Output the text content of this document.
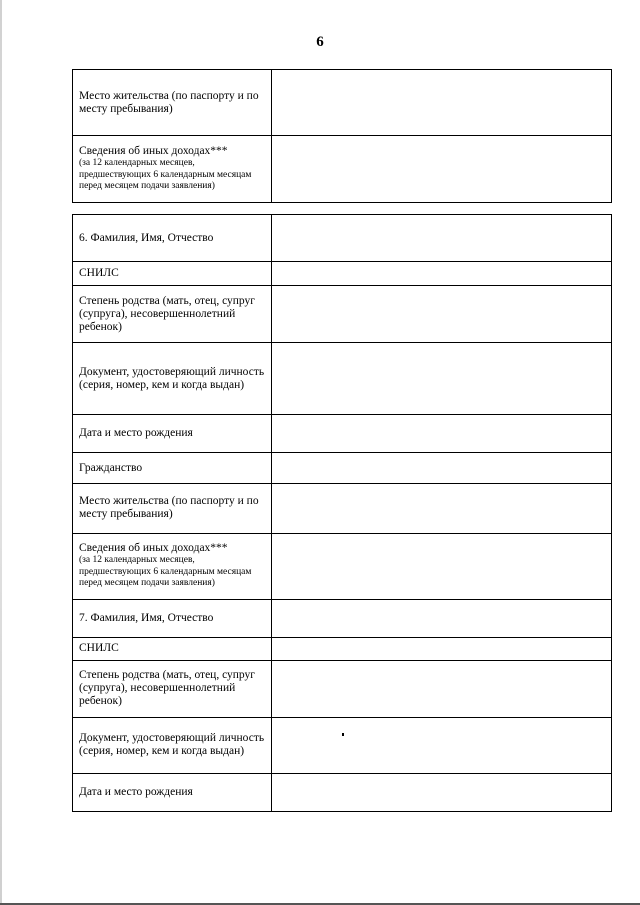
6
Место жительства (по паспорту и по месту пребывания)	

Сведения об иных доходах***
(за 12 календарных месяцев, предшествующих 6 календарным месяцам перед месяцем подачи заявления)	

6. Фамилия, Имя, Отчество	

СНИЛС	

Степень родства (мать, отец, супруг (супруга), несовершеннолетний ребенок)	

Документ, удостоверяющий личность (серия, номер, кем и когда выдан)	

Дата и место рождения	

Гражданство	

Место жительства (по паспорту и по месту пребывания)	

Сведения об иных доходах***
(за 12 календарных месяцев, предшествующих 6 календарным месяцам перед месяцем подачи заявления)	

7. Фамилия, Имя, Отчество	

СНИЛС	

Степень родства (мать, отец, супруг (супруга), несовершеннолетний ребенок)	

Документ, удостоверяющий личность (серия, номер, кем и когда выдан)	

Дата и место рождения	
